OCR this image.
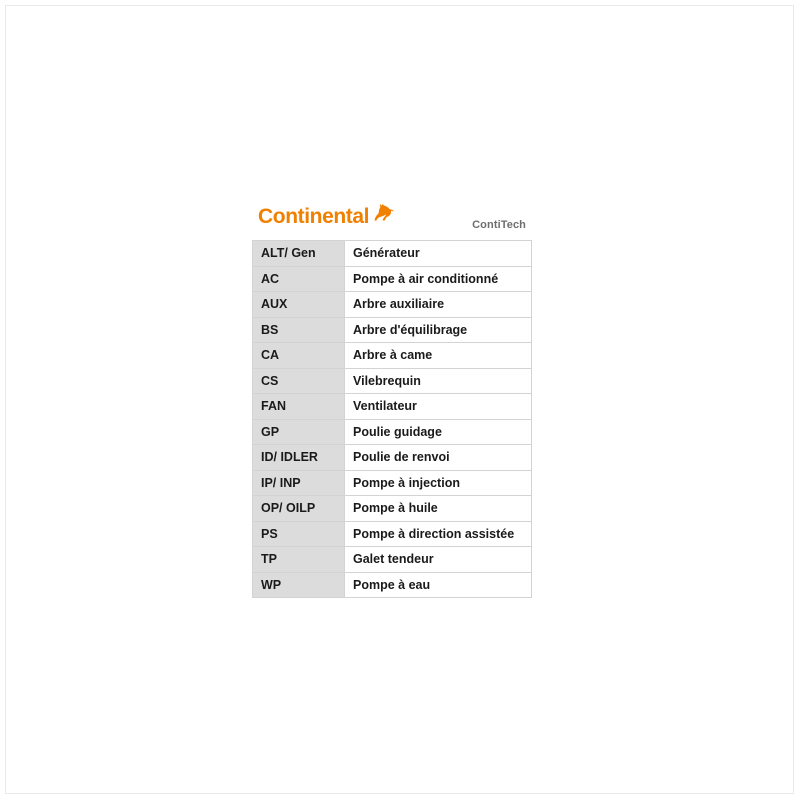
Continental	ContiTech
ALT/ Gen	Générateur
AC	Pompe à air conditionné
AUX	Arbre auxiliaire
BS	Arbre d'équilibrage
CA	Arbre à came
CS	Vilebrequin
FAN	Ventilateur
GP	Poulie guidage
ID/ IDLER	Poulie de renvoi
IP/ INP	Pompe à injection
OP/ OILP	Pompe à huile
PS	Pompe à direction assistée
TP	Galet tendeur
WP	Pompe à eau
